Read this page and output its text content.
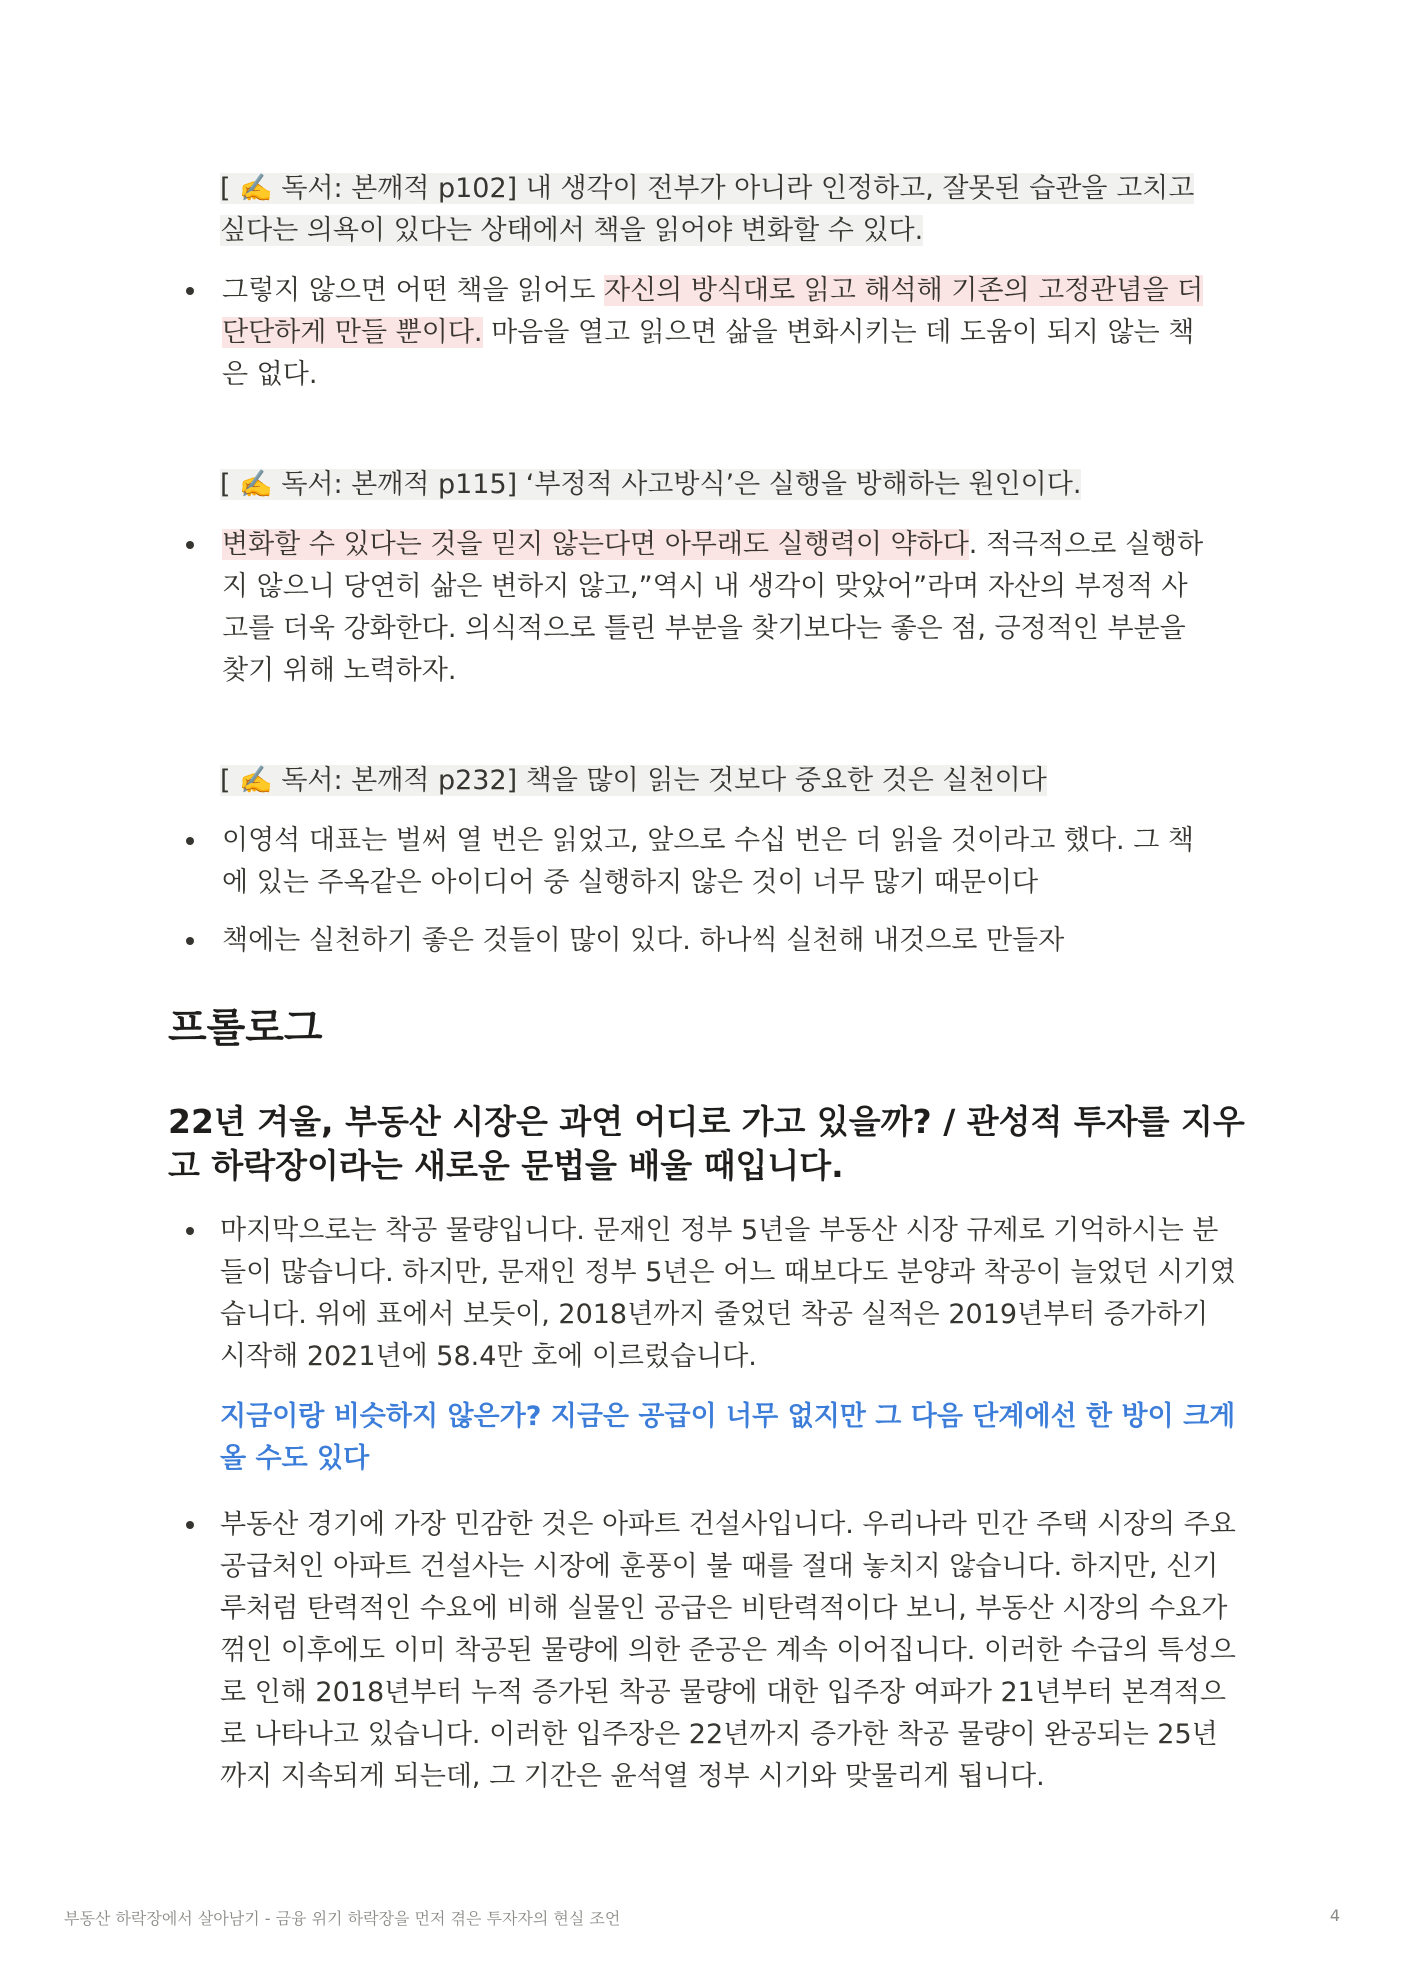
[ ✍️ 독서: 본깨적 p102] 내 생각이 전부가 아니라 인정하고, 잘못된 습관을 고치고 싶다는 의욕이 있다는 상태에서 책을 읽어야 변화할 수 있다.

그렇지 않으면 어떤 책을 읽어도 자신의 방식대로 읽고 해석해 기존의 고정관념을 더 단단하게 만들 뿐이다. 마음을 열고 읽으면 삶을 변화시키는 데 도움이 되지 않는 책은 없다.

[ ✍️ 독서: 본깨적 p115] ‘부정적 사고방식’은 실행을 방해하는 원인이다.

변화할 수 있다는 것을 믿지 않는다면 아무래도 실행력이 약하다. 적극적으로 실행하지 않으니 당연히 삶은 변하지 않고,”역시 내 생각이 맞았어”라며 자산의 부정적 사고를 더욱 강화한다. 의식적으로 틀린 부분을 찾기보다는 좋은 점, 긍정적인 부분을 찾기 위해 노력하자.

[ ✍️ 독서: 본깨적 p232] 책을 많이 읽는 것보다 중요한 것은 실천이다

이영석 대표는 벌써 열 번은 읽었고, 앞으로 수십 번은 더 읽을 것이라고 했다. 그 책에 있는 주옥같은 아이디어 중 실행하지 않은 것이 너무 많기 때문이다
책에는 실천하기 좋은 것들이 많이 있다. 하나씩 실천해 내것으로 만들자
프롤로그
22년 겨울, 부동산 시장은 과연 어디로 가고 있을까? / 관성적 투자를 지우고 하락장이라는 새로운 문법을 배울 때입니다.
마지막으로는 착공 물량입니다. 문재인 정부 5년을 부동산 시장 규제로 기억하시는 분들이 많습니다. 하지만, 문재인 정부 5년은 어느 때보다도 분양과 착공이 늘었던 시기였습니다. 위에 표에서 보듯이, 2018년까지 줄었던 착공 실적은 2019년부터 증가하기 시작해 2021년에 58.4만 호에 이르렀습니다.
지금이랑 비슷하지 않은가? 지금은 공급이 너무 없지만 그 다음 단계에선 한 방이 크게올 수도 있다
부동산 경기에 가장 민감한 것은 아파트 건설사입니다. 우리나라 민간 주택 시장의 주요 공급처인 아파트 건설사는 시장에 훈풍이 불 때를 절대 놓치지 않습니다. 하지만, 신기루처럼 탄력적인 수요에 비해 실물인 공급은 비탄력적이다 보니, 부동산 시장의 수요가 꺾인 이후에도 이미 착공된 물량에 의한 준공은 계속 이어집니다. 이러한 수급의 특성으로 인해 2018년부터 누적 증가된 착공 물량에 대한 입주장 여파가 21년부터 본격적으로 나타나고 있습니다. 이러한 입주장은 22년까지 증가한 착공 물량이 완공되는 25년까지 지속되게 되는데, 그 기간은 윤석열 정부 시기와 맞물리게 됩니다.
부동산 하락장에서 살아남기 - 금융 위기 하락장을 먼저 겪은 투자자의 현실 조언	4
